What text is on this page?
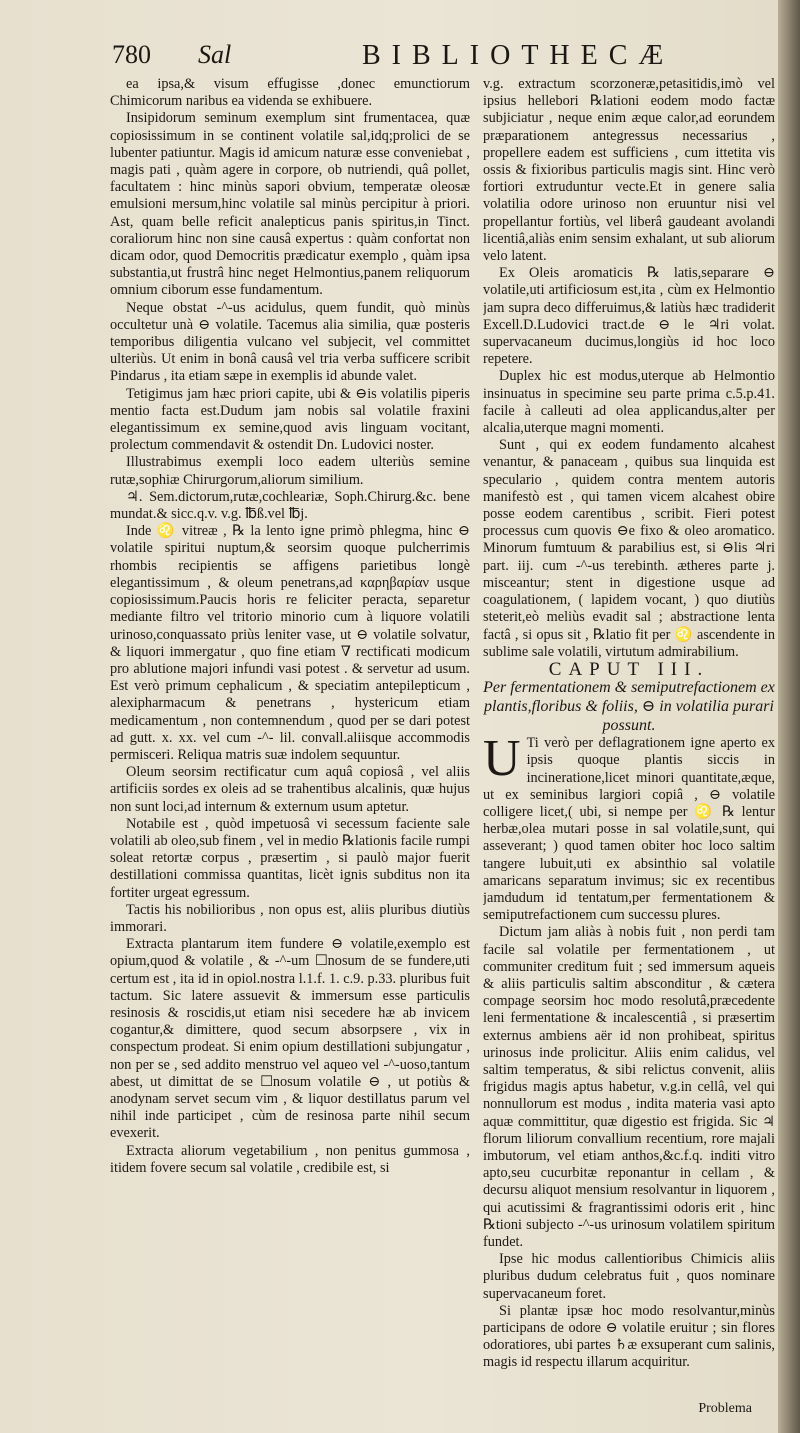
780 Sal	BIBLIOTHECÆ

ea ipsa,& visum effugisse ,donec emunctiorum Chimicorum naribus ea videnda se exhibuere.

Insipidorum seminum exemplum sint frumentacea, quæ copiosissimum in se continent volatile sal,idq;prolici de se lubenter patiuntur. Magis id amicum naturæ esse conveniebat , magis pati , quàm agere in corpore, ob nutriendi, quâ pollet, facultatem : hinc minùs sapori obvium, temperatæ oleosæ emulsioni mersum,hinc volatile sal minùs percipitur à priori. Ast, quam belle reficit analepticus panis spiritus,in Tinct. coraliorum hinc non sine causâ expertus : quàm confortat non dicam odor, quod Democritis prædicatur exemplo , quàm ipsa substantia,ut frustrâ hinc neget Helmontius,panem reliquorum omnium ciborum esse fundamentum.

Neque obstat -^-us acidulus, quem fundit, quò minùs occultetur unà ⊖ volatile. Tacemus alia similia, quæ posteris temporibus diligentia vulcano vel subjecit, vel committet ulteriùs. Ut enim in bonâ causâ vel tria verba sufficere scribit Pindarus , ita etiam sæpe in exemplis id abunde valet.

Tetigimus jam hæc priori capite, ubi & ⊖is volatilis piperis mentio facta est.Dudum jam nobis sal volatile fraxini elegantissimum ex semine,quod avis linguam vocitant, prolectum commendavit & ostendit Dn. Ludovici noster.

Illustrabimus exempli loco eadem ulteriùs semine rutæ,sophiæ Chirurgorum,aliorum similium.

♃. Sem.dictorum,rutæ,cochleariæ, Soph.Chirurg.&c. bene mundat.& sicc.q.v. v.g. ℔ß.vel ℔j.

Inde ♌ vitreæ , ℞ la lento igne primò phlegma, hinc ⊖ volatile spiritui nuptum,& seorsim quoque pulcherrimis rhombis recipientis se affigens parietibus longè elegantissimum , & oleum penetrans,ad καρηβαρίαν usque copiosissimum.Paucis horis re feliciter peracta, separetur mediante filtro vel tritorio minorio cum à liquore volatili urinoso,conquassato priùs leniter vase, ut ⊖ volatile solvatur, & liquori immergatur , quo fine etiam ∇ rectificati modicum pro ablutione majori infundi vasi potest . & servetur ad usum. Est verò primum cephalicum , & speciatim antepilepticum , alexipharmacum & penetrans , hystericum etiam medicamentum , non contemnendum , quod per se dari potest ad gutt. x. xx. vel cum -^- lil. convall.aliisque accommodis permisceri. Reliqua matris suæ indolem sequuntur.

Oleum seorsim rectificatur cum aquâ copiosâ , vel aliis artificiis sordes ex oleis ad se trahentibus alcalinis, quæ hujus non sunt loci,ad internum & externum usum aptetur.

Notabile est , quòd impetuosâ vi secessum faciente sale volatili ab oleo,sub finem , vel in medio ℞lationis facile rumpi soleat retortæ corpus , præsertim , si paulò major fuerit destillationi commissa quantitas, licèt ignis subditus non ita fortiter urgeat egressum.

Tactis his nobilioribus , non opus est, aliis pluribus diutiùs immorari.

Extracta plantarum item fundere ⊖ volatile,exemplo est opium,quod & volatile , & -^-um ☐nosum de se fundere,uti certum est , ita id in opiol.nostra l.1.f. 1. c.9. p.33. pluribus fuit tactum. Sic latere assuevit & immersum esse particulis resinosis & roscidis,ut etiam nisi secedere hæ ab invicem cogantur,& dimittere, quod secum absorpsere , vix in conspectum prodeat. Si enim opium destillationi subjungatur , non per se , sed addito menstruo vel aqueo vel -^-uoso,tantum abest, ut dimittat de se ☐nosum volatile ⊖ , ut potiùs & anodynam servet secum vim , & liquor destillatus parum vel nihil inde participet , cùm de resinosa parte nihil secum evexerit.

Extracta aliorum vegetabilium , non penitus gummosa , itidem fovere secum sal volatile , credibile est, si

v.g. extractum scorzoneræ,petasitidis,imò vel ipsius hellebori ℞lationi eodem modo factæ subjiciatur , neque enim æque calor,ad eorundem præparationem antegressus necessarius , propellere eadem est sufficiens , cum ittetita vis ossis & fixioribus particulis magis sint. Hinc verò fortiori extruduntur vecte.Et in genere salia volatilia odore urinoso non eruuntur nisi vel propellantur fortiùs, vel liberâ gaudeant avolandi licentiâ,aliàs enim sensim exhalant, ut sub aliorum velo latent.

Ex Oleis aromaticis ℞ latis,separare ⊖ volatile,uti artificiosum est,ita , cùm ex Helmontio jam supra deco differuimus,& latiùs hæc tradiderit Excell.D.Ludovici tract.de ⊖ le ♃ri volat. supervacaneum ducimus,longiùs id hoc loco repetere.

Duplex hic est modus,uterque ab Helmontio insinuatus in specimine seu parte prima c.5.p.41. facile à calleuti ad olea applicandus,alter per alcalia,uterque magni momenti.

Sunt , qui ex eodem fundamento alcahest venantur, & panaceam , quibus sua linquida est speculario , quidem contra mentem autoris manifestò est , qui tamen vicem alcahest obire posse eodem carentibus , scribit. Fieri potest processus cum quovis ⊖e fixo & oleo aromatico. Minorum fumtuum & parabilius est, si ⊖lis ♃ri part. iij. cum -^-us terebinth. ætheres parte j. misceantur; stent in digestione usque ad coagulationem, ( lapidem vocant, ) quo diutiùs steterit,eò meliùs evadit sal ; abstractione lenta factâ , si opus sit , ℞latio fit per ♌ ascendente in sublime sale volatili, virtutum admirabilium.

CAPUT III.

Per fermentationem & semiputrefactionem ex plantis,floribus & foliis, ⊖ in volatilia purari possunt.

U Ti verò per deflagrationem igne aperto ex ipsis quoque plantis siccis in incineratione,licet minori quantitate,æque, ut ex seminibus largiori copiâ , ⊖ volatile colligere licet,( ubi, si nempe per ♌ ℞ lentur herbæ,olea mutari posse in sal volatile,sunt, qui asseverant; ) quod tamen obiter hoc loco saltim tangere lubuit,uti ex absinthio sal volatile amaricans separatum invimus; sic ex recentibus jamdudum id tentatum,per fermentationem & semiputrefactionem cum successu plures.

Dictum jam aliàs à nobis fuit , non perdi tam facile sal volatile per fermentationem , ut communiter creditum fuit ; sed immersum aqueis & aliis particulis saltim absconditur , & cætera compage seorsim hoc modo resolutâ,præcedente leni fermentatione & incalescentiâ , si præsertim externus ambiens aër id non prohibeat, spiritus urinosus inde prolicitur. Aliis enim calidus, vel saltim temperatus, & sibi relictus convenit, aliis frigidus magis aptus habetur, v.g.in cellâ, vel qui nonnullorum est modus , indita materia vasi apto aquæ committitur, quæ digestio est frigida. Sic ♃ florum liliorum convallium recentium, rore majali imbutorum, vel etiam anthos,&c.f.q. inditi vitro apto,seu cucurbitæ reponantur in cellam , & decursu aliquot mensium resolvantur in liquorem , qui acutissimi & fragrantissimi odoris erit , hinc ℞tioni subjecto -^-us urinosum volatilem spiritum fundet.

Ipse hic modus callentioribus Chimicis aliis pluribus dudum celebratus fuit , quos nominare supervacaneum foret.

Si plantæ ipsæ hoc modo resolvantur,minùs participans de odore ⊖ volatile eruitur ; sin flores odoratiores, ubi partes ♄æ exsuperant cum salinis, magis id respectu illarum acquiritur.

Problema
